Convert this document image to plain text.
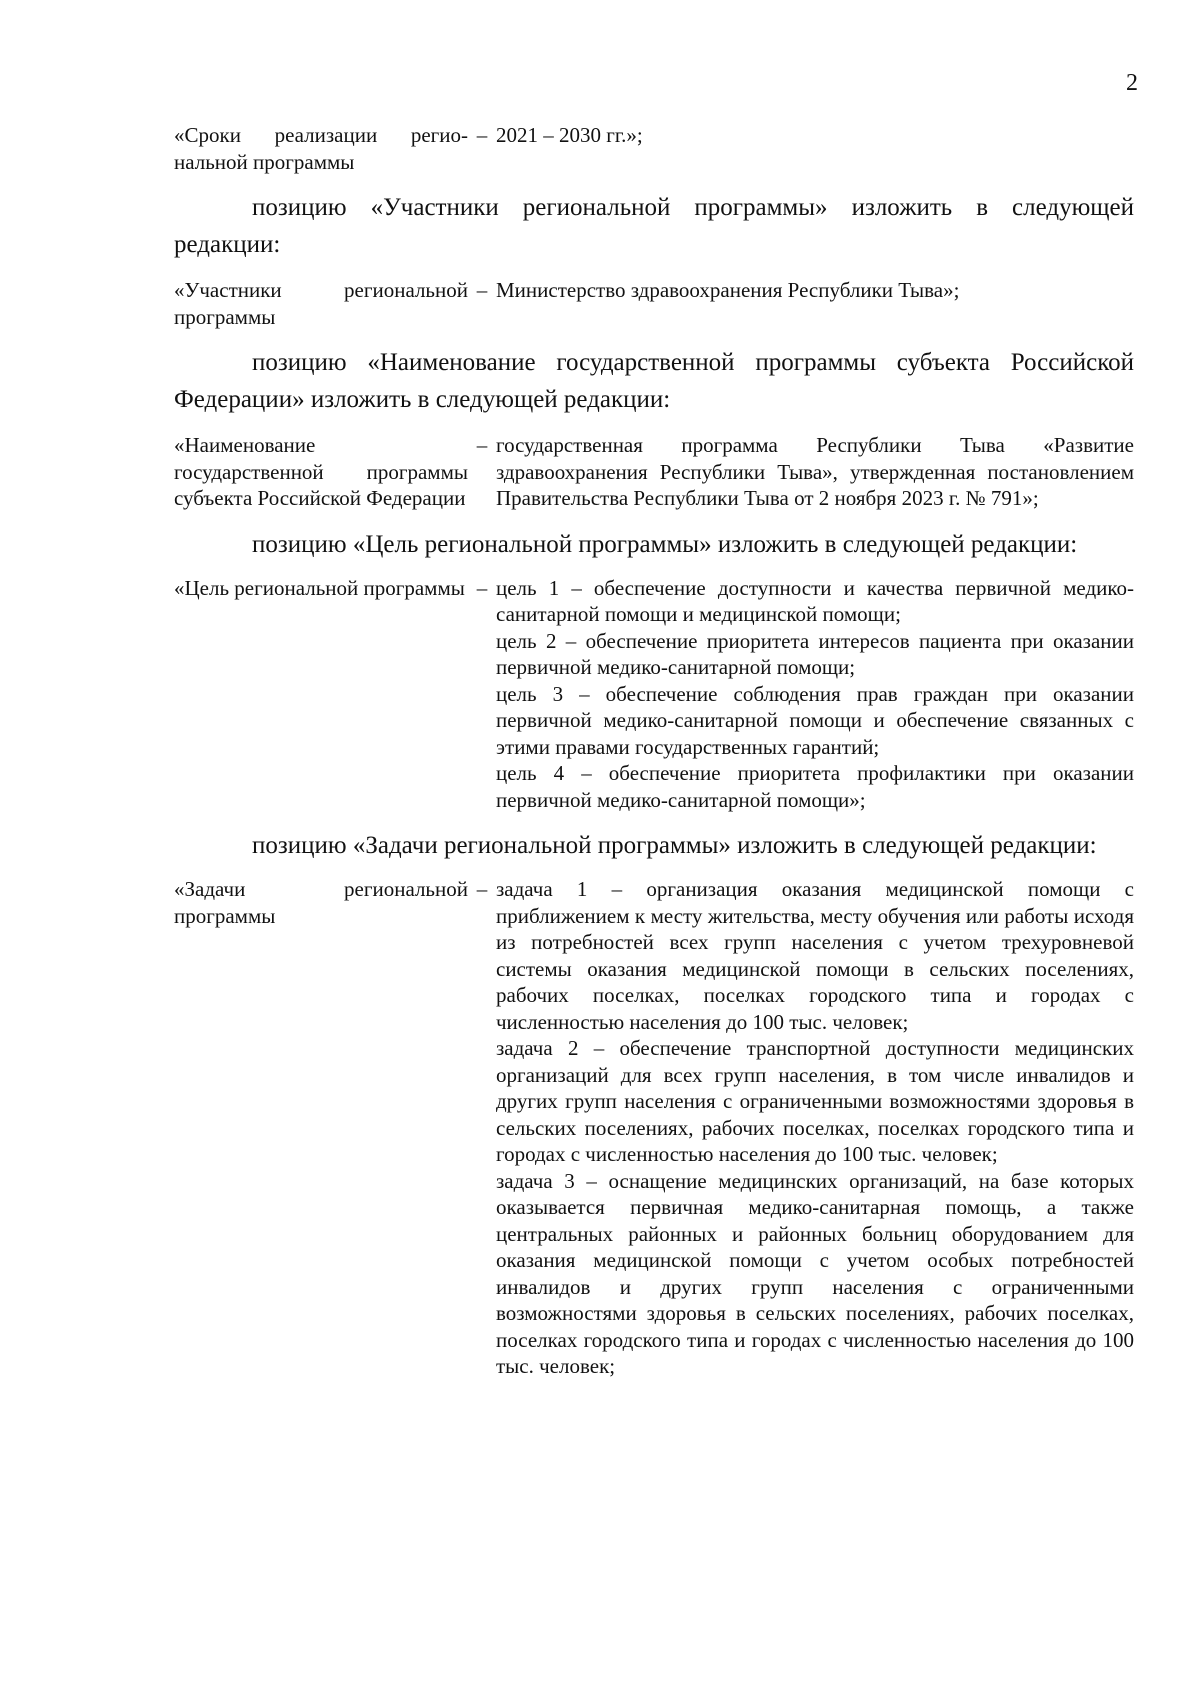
2
«Сроки реализации регио-нальной программы
– 2021 – 2030 гг.»;

позицию «Участники региональной программы» изложить в следующей редакции:

«Участники региональной программы
– Министерство здравоохранения Республики Тыва»;

позицию «Наименование государственной программы субъекта Российской Федерации» изложить в следующей редакции:

«Наименование государственной программы субъекта Российской Федерации
– государственная программа Республики Тыва «Развитие здравоохранения Республики Тыва», утвержденная постановлением Правительства Республики Тыва от 2 ноября 2023 г. № 791»;

позицию «Цель региональной программы» изложить в следующей редакции:

«Цель региональной программы – цель 1 – обеспечение доступности и качества первичной медико-санитарной помощи и медицинской помощи;

цель 2 – обеспечение приоритета интересов пациента при оказании первичной медико-санитарной помощи;

цель 3 – обеспечение соблюдения прав граждан при оказании первичной медико-санитарной помощи и обеспечение связанных с этими правами государственных гарантий;

цель 4 – обеспечение приоритета профилактики при оказании первичной медико-санитарной помощи»;

позицию «Задачи региональной программы» изложить в следующей редакции:

«Задачи региональной программы
– задача 1 – организация оказания медицинской помощи с приближением к месту жительства, месту обучения или работы исходя из потребностей всех групп населения с учетом трехуровневой системы оказания медицинской помощи в сельских поселениях, рабочих поселках, поселках городского типа и городах с численностью населения до 100 тыс. человек;

задача 2 – обеспечение транспортной доступности медицинских организаций для всех групп населения, в том числе инвалидов и других групп населения с ограниченными возможностями здоровья в сельских поселениях, рабочих поселках, поселках городского типа и городах с численностью населения до 100 тыс. человек;

задача 3 – оснащение медицинских организаций, на базе которых оказывается первичная медико-санитарная помощь, а также центральных районных и районных больниц оборудованием для оказания медицинской помощи с учетом особых потребностей инвалидов и других групп населения с ограниченными возможностями здоровья в сельских поселениях, рабочих поселках, поселках городского типа и городах с численностью населения до 100 тыс. человек;
